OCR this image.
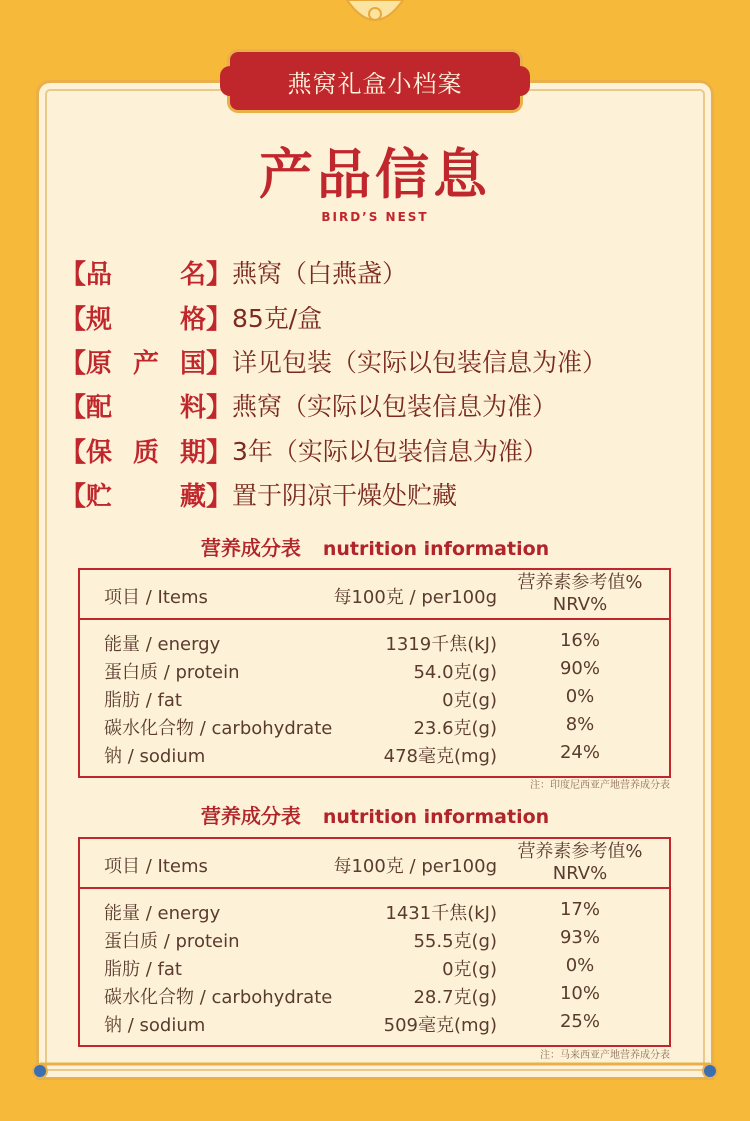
燕窝礼盒小档案
产品信息
BIRD’S NEST
【品	名】 燕窝（白燕盏）
【规	格】 85克/盒
【原 产 国】 详见包装（实际以包装信息为准）
【配	料】 燕窝（实际以包装信息为准）
【保 质 期】 3年（实际以包装信息为准）
【贮	藏】 置于阴凉干燥处贮藏
营养成分表 nutrition information
项目 / Items	每100克 / per100g
营养素参考值%
NRV%
能量 / energy	1319千焦(kJ)	16%
蛋白质 / protein	54.0克(g)	90%
脂肪 / fat	0克(g)	0%
碳水化合物 / carbohydrate	23.6克(g)	8%
钠 / sodium	478毫克(mg)	24%
注：印度尼西亚产地营养成分表
营养成分表 nutrition information
项目 / Items	每100克 / per100g
营养素参考值%
NRV%
能量 / energy	1431千焦(kJ)	17%
蛋白质 / protein	55.5克(g)	93%
脂肪 / fat	0克(g)	0%
碳水化合物 / carbohydrate	28.7克(g)	10%
钠 / sodium	509毫克(mg)	25%
注：马来西亚产地营养成分表
